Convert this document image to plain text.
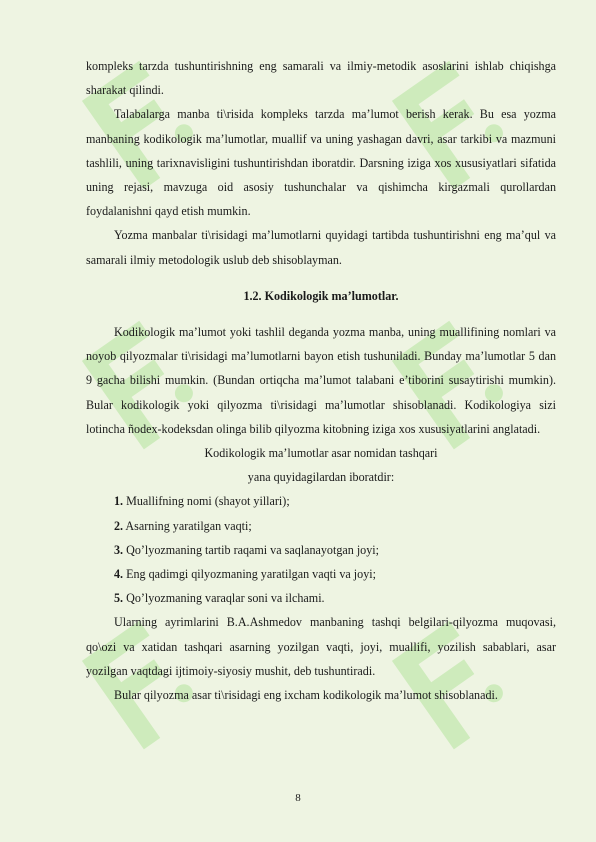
kompleks tarzda tushuntirishning eng samarali va ilmiy-metodik asoslarini ishlab chiqishga sharakat qilindi.

Talabalarga manba ti\risida kompleks tarzda ma’lumot berish kerak. Bu esa yozma manbaning kodikologik ma’lumotlar, muallif va uning yashagan davri, asar tarkibi va mazmuni tashlili, uning tarixnavisligini tushuntirishdan iboratdir. Darsning iziga xos xususiyatlari sifatida uning rejasi, mavzuga oid asosiy tushunchalar va qishimcha kirgazmali qurollardan foydalanishni qayd etish mumkin.

Yozma manbalar ti\risidagi ma’lumotlarni quyidagi tartibda tushuntirishni eng ma’qul va samarali ilmiy metodologik uslub deb shisoblayman.

1.2. Kodikologik ma’lumotlar.

Kodikologik ma’lumot yoki tashlil deganda yozma manba, uning muallifining nomlari va noyob qilyozmalar ti\risidagi ma’lumotlarni bayon etish tushuniladi. Bunday ma’lumotlar 5 dan 9 gacha bilishi mumkin. (Bundan ortiqcha ma’lumot talabani e’tiborini susaytirishi mumkin). Bular kodikologik yoki qilyozma ti\risidagi ma’lumotlar shisoblanadi. Kodikologiya sizi lotincha ñodex-kodeksdan olinga bilib qilyozma kitobning iziga xos xususiyatlarini anglatadi.

Kodikologik ma’lumotlar asar nomidan tashqari

yana quyidagilardan iboratdir:

1. Muallifning nomi (shayot yillari);

2. Asarning yaratilgan vaqti;

3. Qo’lyozmaning tartib raqami va saqlanayotgan joyi;

4. Eng qadimgi qilyozmaning yaratilgan vaqti va joyi;

5. Qo’lyozmaning varaqlar soni va ilchami.

Ularning ayrimlarini B.A.Ashmedov manbaning tashqi belgilari-qilyozma muqovasi, qo\ozi va xatidan tashqari asarning yozilgan vaqti, joyi, muallifi, yozilish sabablari, asar yozilgan vaqtdagi ijtimoiy-siyosiy mushit, deb tushuntiradi.

Bular qilyozma asar ti\risidagi eng ixcham kodikologik ma’lumot shisoblanadi.

8
